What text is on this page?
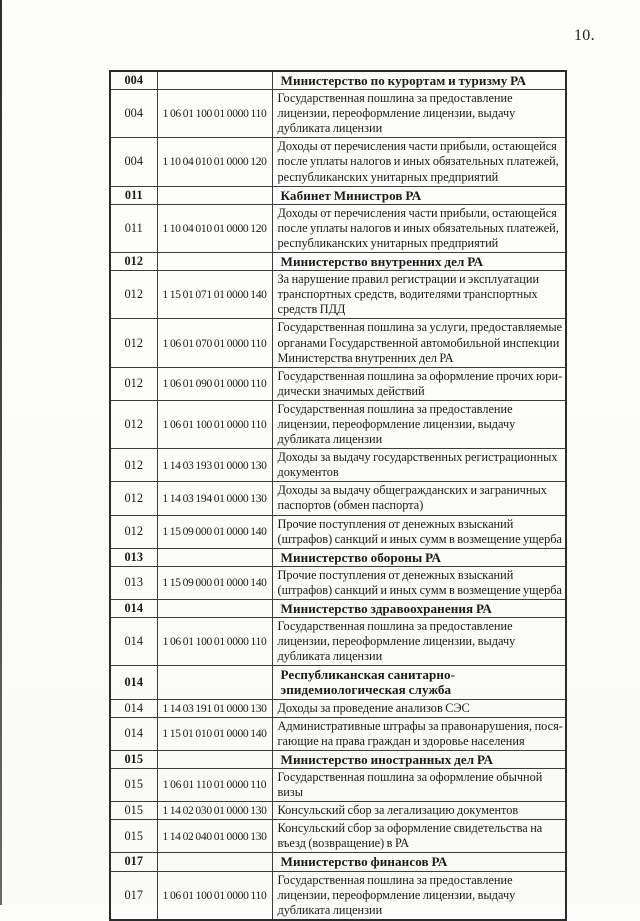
10.
004		Министерство по курортам и туризму РА
004	1 06 01 100 01 0000 110	Государственная пошлина за предоставление лицензии, переоформление лицензии, выдачу дубликата лицензии
004	1 10 04 010 01 0000 120	Доходы от перечисления части прибыли, остающейся после уплаты налогов и иных обязательных платежей, республиканских унитарных предприятий
011		Кабинет Министров РА
011	1 10 04 010 01 0000 120	Доходы от перечисления части прибыли, остающейся после уплаты налогов и иных обязательных платежей, республиканских унитарных предприятий
012		Министерство внутренних дел РА
012	1 15 01 071 01 0000 140	За нарушение правил регистрации и эксплуатации транспортных средств, водителями транспортных средств ПДД
012	1 06 01 070 01 0000 110	Государственная пошлина за услуги, предоставляемые органами Государственной автомобильной инспекции Министерства внутренних дел РА
012	1 06 01 090 01 0000 110	Государственная пошлина за оформление прочих юри-дически значимых действий
012	1 06 01 100 01 0000 110	Государственная пошлина за предоставление лицензии, переоформление лицензии, выдачу дубликата лицензии
012	1 14 03 193 01 0000 130	Доходы за выдачу государственных регистрационных документов
012	1 14 03 194 01 0000 130	Доходы за выдачу общегражданских и заграничных паспортов (обмен паспорта)
012	1 15 09 000 01 0000 140	Прочие поступления от денежных взысканий (штрафов) санкций и иных сумм в возмещение ущерба
013		Министерство обороны РА
013	1 15 09 000 01 0000 140	Прочие поступления от денежных взысканий (штрафов) санкций и иных сумм в возмещение ущерба
014		Министерство здравоохранения РА
014	1 06 01 100 01 0000 110	Государственная пошлина за предоставление лицензии, переоформление лицензии, выдачу дубликата лицензии
014		Республиканская санитарно-эпидемиологическая служба
014	1 14 03 191 01 0000 130	Доходы за проведение анализов СЭС
014	1 15 01 010 01 0000 140	Административные штрафы за правонарушения, пося-гающие на права граждан и здоровье населения
015		Министерство иностранных дел РА
015	1 06 01 110 01 0000 110	Государственная пошлина за оформление обычной визы
015	1 14 02 030 01 0000 130	Консульский сбор за легализацию документов
015	1 14 02 040 01 0000 130	Консульский сбор за оформление свидетельства на въезд (возвращение) в РА
017		Министерство финансов РА
017	1 06 01 100 01 0000 110	Государственная пошлина за предоставление лицензии, переоформление лицензии, выдачу дубликата лицензии
